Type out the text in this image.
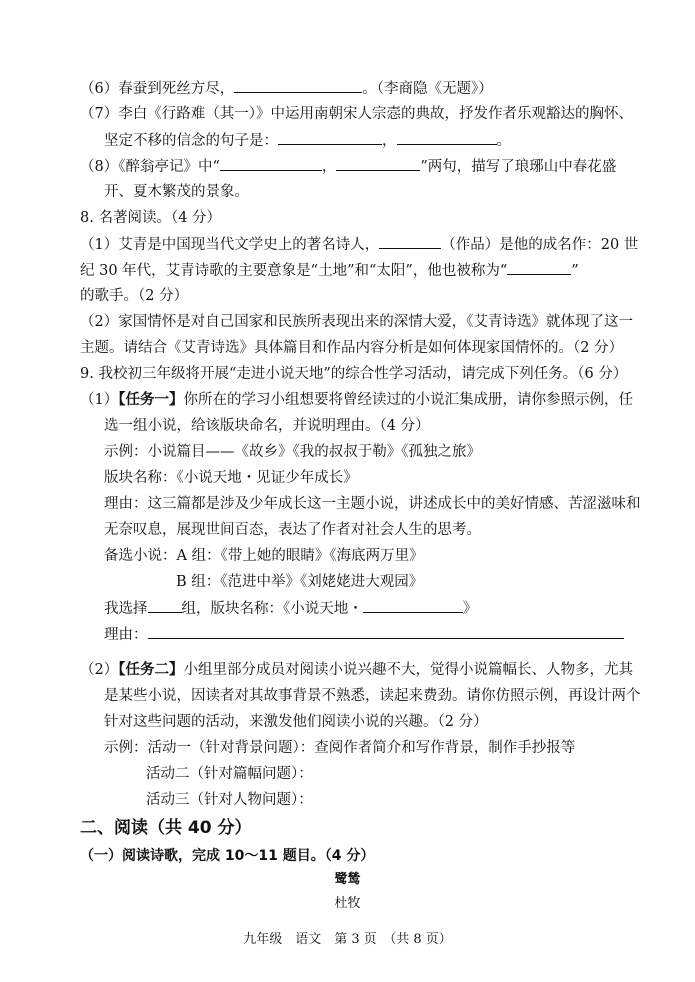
（6）春蚕到死丝方尽，	。（李商隐《无题》）
（7）李白《行路难（其一）》中运用南朝宋人宗悫的典故，抒发作者乐观豁达的胸怀、
坚定不移的信念的句子是：	，	。
（8）《醉翁亭记》中“	，	”两句，描写了琅琊山中春花盛
开、夏木繁茂的景象。
8. 名著阅读。（4 分）
（1）艾青是中国现当代文学史上的著名诗人，	（作品）是他的成名作：20 世
纪 30 年代，艾青诗歌的主要意象是“土地”和“太阳”，他也被称为“	”
的歌手。（2 分）
（2）家国情怀是对自己国家和民族所表现出来的深情大爱，《艾青诗选》就体现了这一
主题。请结合《艾青诗选》具体篇目和作品内容分析是如何体现家国情怀的。（2 分）
9. 我校初三年级将开展“走进小说天地”的综合性学习活动，请完成下列任务。（6 分）
（1）【任务一】你所在的学习小组想要将曾经读过的小说汇集成册，请你参照示例，任
选一组小说，给该版块命名，并说明理由。（4 分）
示例：小说篇目——《故乡》《我的叔叔于勒》《孤独之旅》
版块名称：《小说天地・见证少年成长》
理由：这三篇都是涉及少年成长这一主题小说，讲述成长中的美好情感、苦涩滋味和
无奈叹息，展现世间百态，表达了作者对社会人生的思考。
备选小说：A 组：《带上她的眼睛》《海底两万里》
B 组：《范进中举》《刘姥姥进大观园》
我选择 组，版块名称：《小说天地・	》
理由：
（2）【任务二】小组里部分成员对阅读小说兴趣不大，觉得小说篇幅长、人物多，尤其
是某些小说，因读者对其故事背景不熟悉，读起来费劲。请你仿照示例，再设计两个
针对这些问题的活动，来激发他们阅读小说的兴趣。（2 分）
示例：活动一（针对背景问题）：查阅作者简介和写作背景，制作手抄报等
活动二（针对篇幅问题）：
活动三（针对人物问题）：
二、阅读（共 40 分）
（一）阅读诗歌，完成 10～11 题目。（4 分）
鹭鸶
杜牧
九年级　语文　第 3 页　（共 8 页）
